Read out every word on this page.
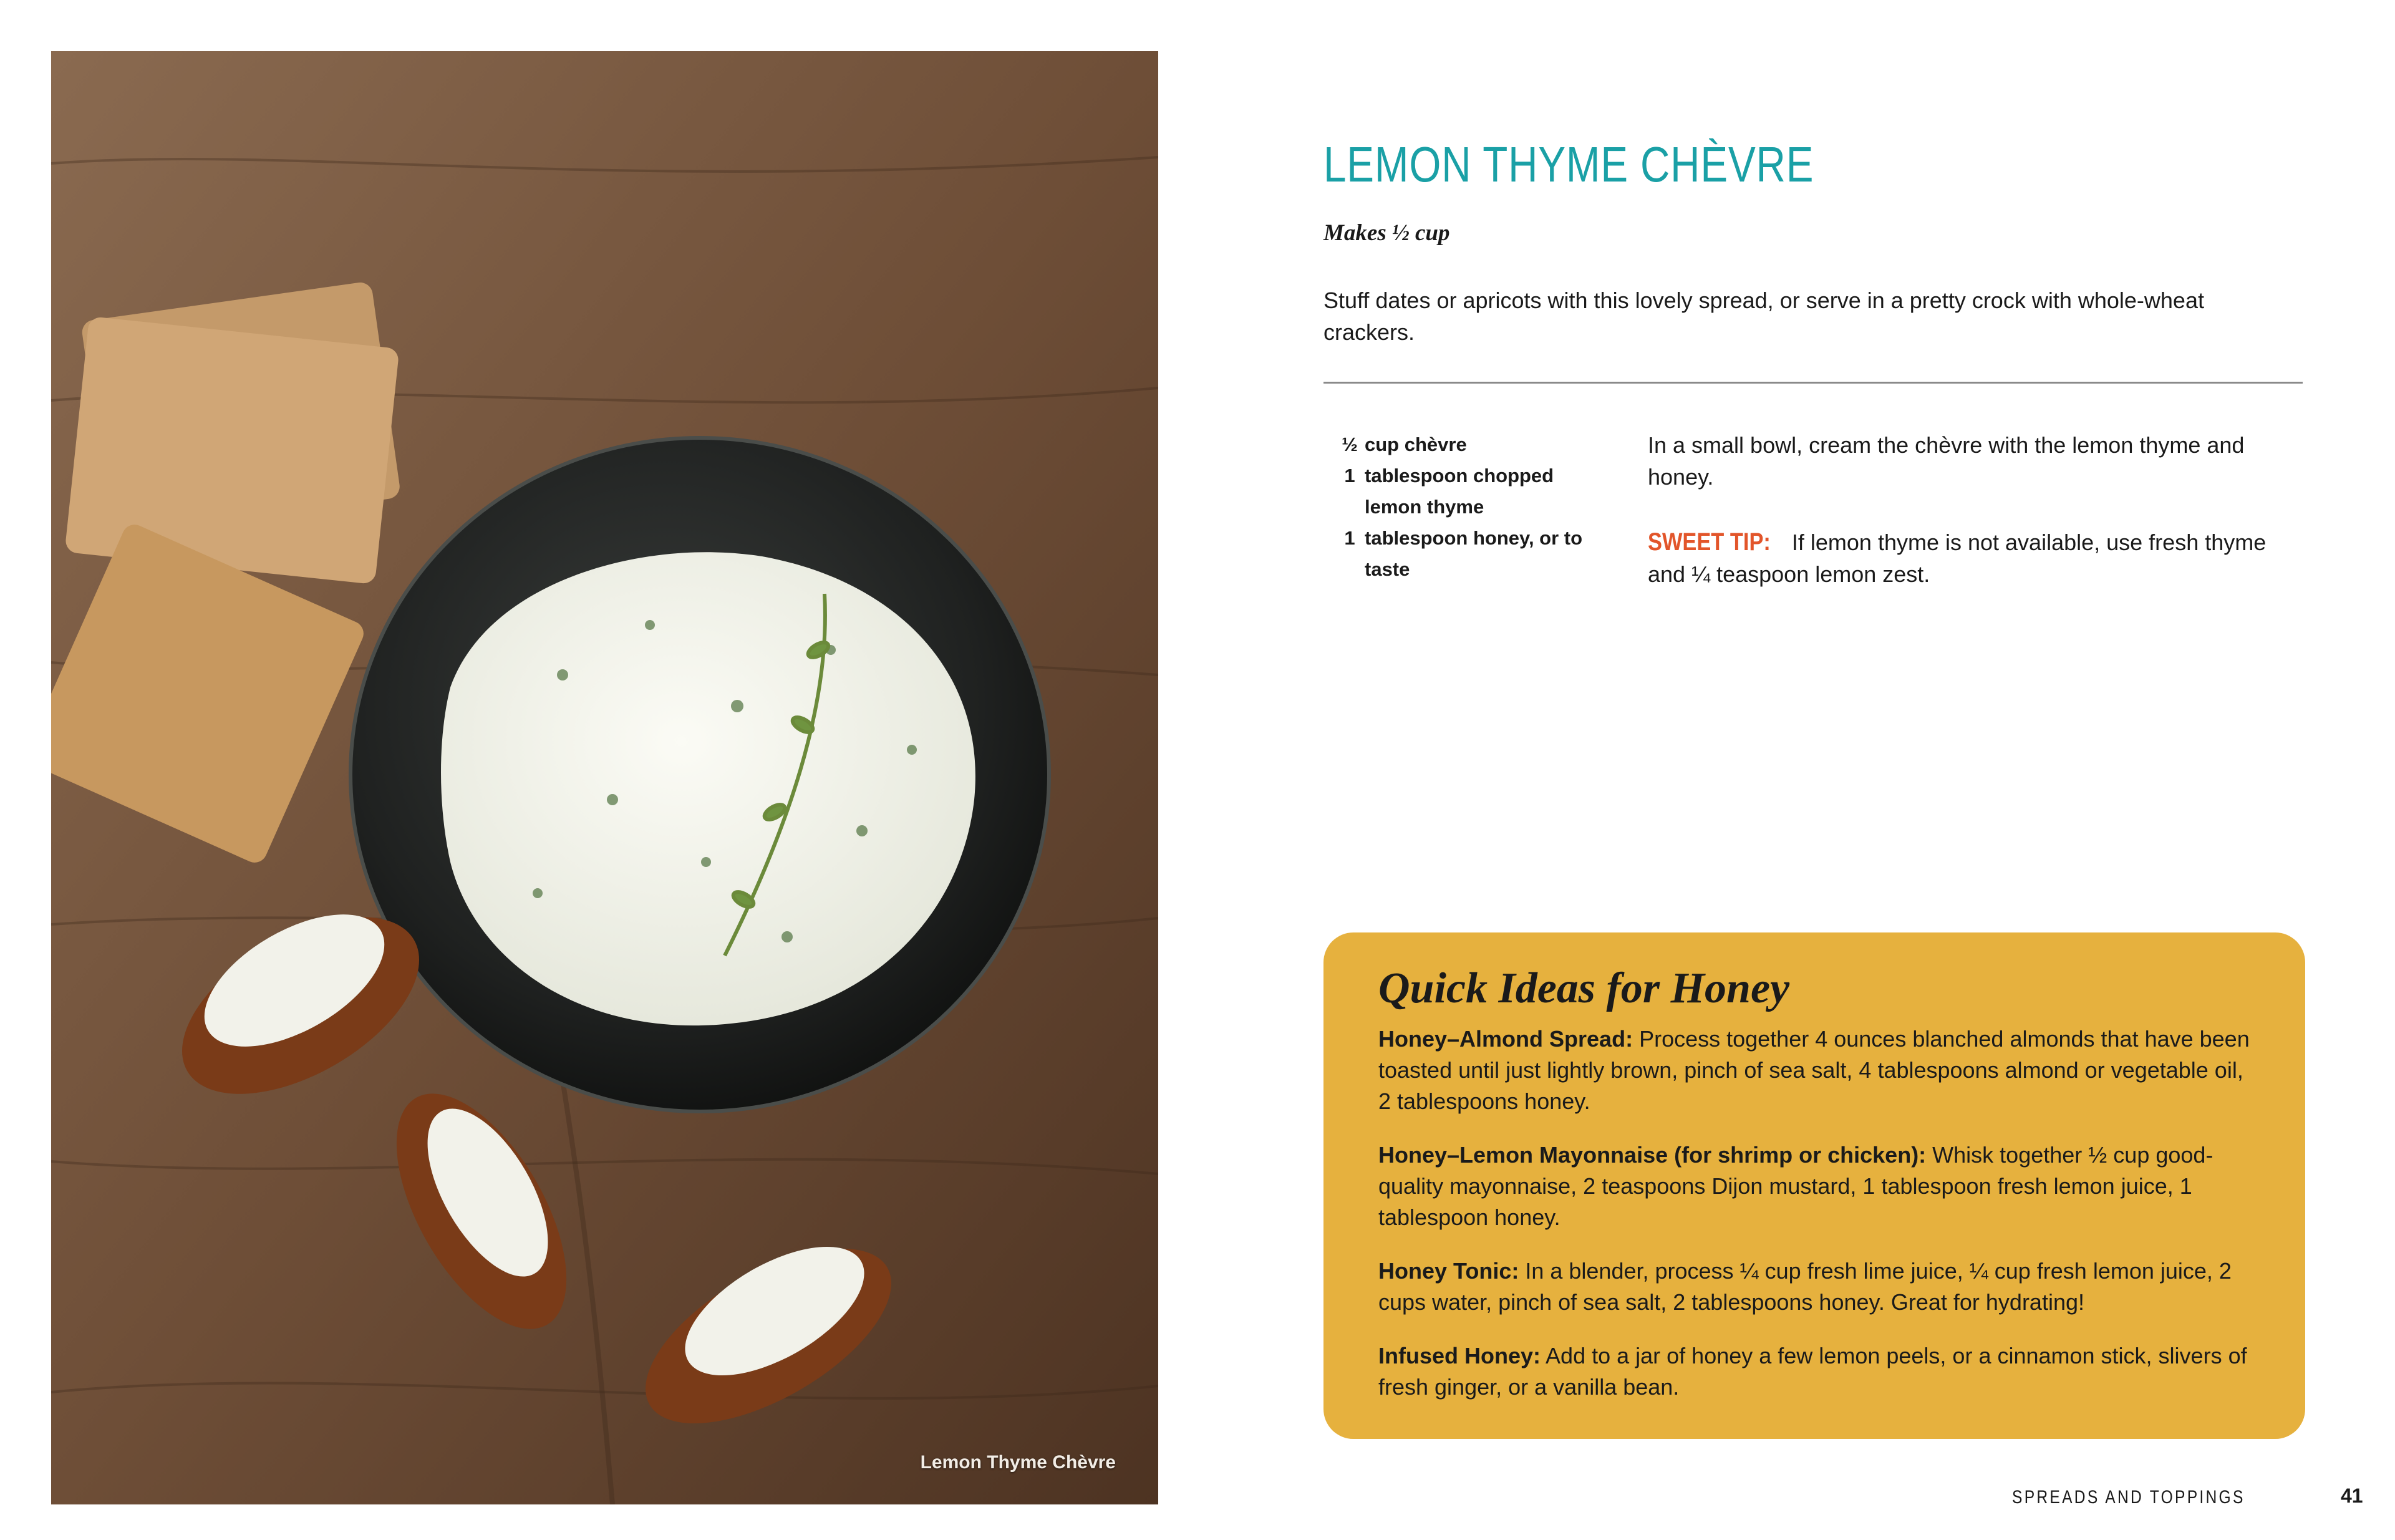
Lemon Thyme Chèvre
LEMON THYME CHÈVRE
Makes ½ cup
Stuff dates or apricots with this lovely spread, or serve in a pretty crock with whole-wheat crackers.
½ cup chèvre
1 tablespoon chopped lemon thyme
1 tablespoon honey, or to taste

In a small bowl, cream the chèvre with the lemon thyme and honey.

SWEET TIP: If lemon thyme is not available, use fresh thyme and ¼ teaspoon lemon zest.

Quick Ideas for Honey

Honey–Almond Spread: Process together 4 ounces blanched almonds that have been toasted until just lightly brown, pinch of sea salt, 4 tablespoons almond or vegetable oil, 2 tablespoons honey.

Honey–Lemon Mayonnaise (for shrimp or chicken): Whisk together ½ cup good-quality mayonnaise, 2 teaspoons Dijon mustard, 1 tablespoon fresh lemon juice, 1 tablespoon honey.

Honey Tonic: In a blender, process ¼ cup fresh lime juice, ¼ cup fresh lemon juice, 2 cups water, pinch of sea salt, 2 tablespoons honey. Great for hydrating!

Infused Honey: Add to a jar of honey a few lemon peels, or a cinnamon stick, slivers of fresh ginger, or a vanilla bean.

SPREADS AND TOPPINGS	41
